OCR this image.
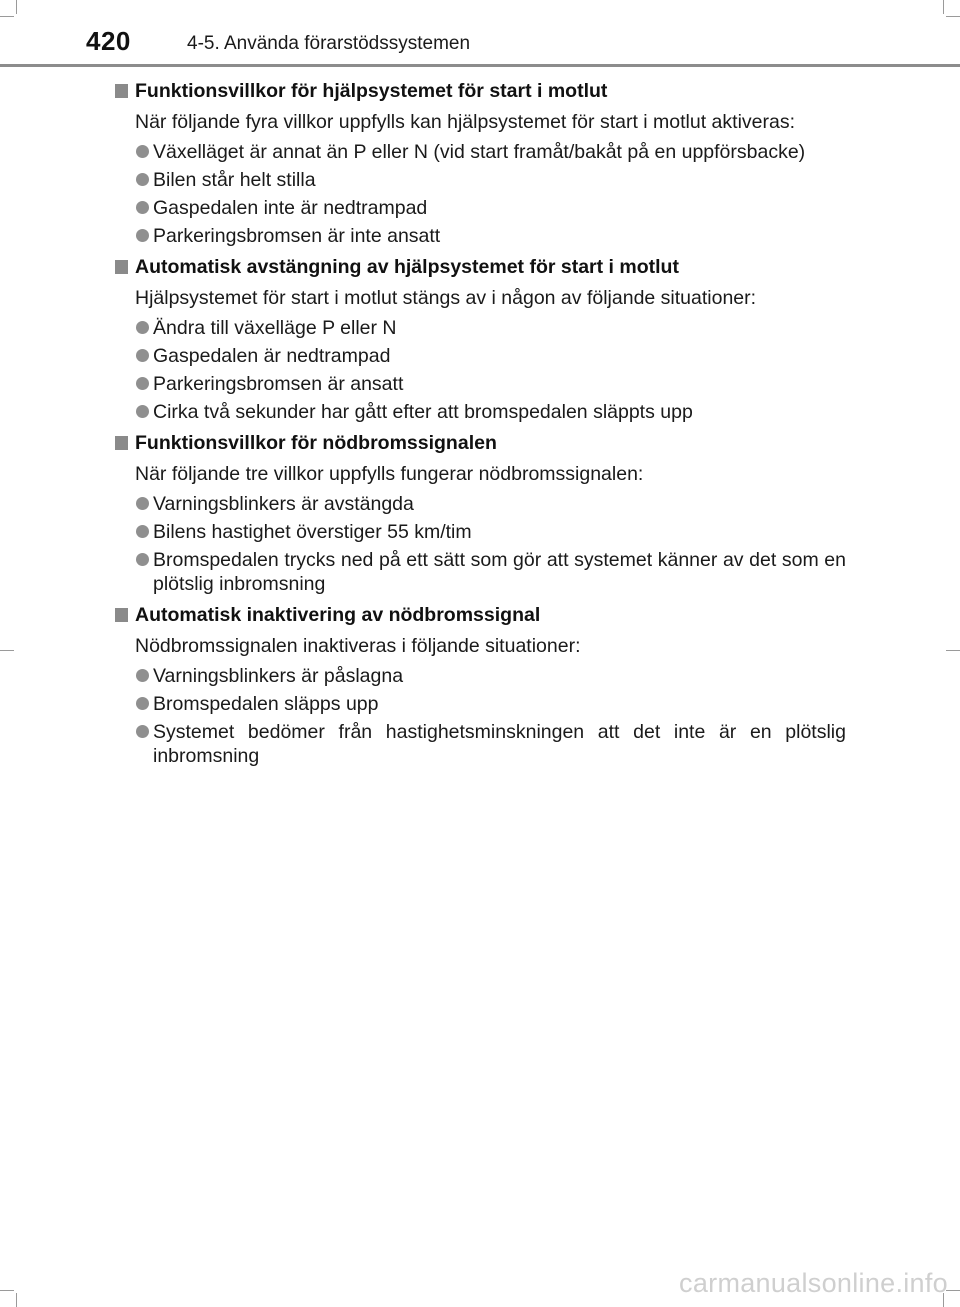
420	4-5. Använda förarstödssystemen
Funktionsvillkor för hjälpsystemet för start i motlut
När följande fyra villkor uppfylls kan hjälpsystemet för start i motlut aktiveras:
Växelläget är annat än P eller N (vid start framåt/bakåt på en uppförsbacke)
Bilen står helt stilla
Gaspedalen inte är nedtrampad
Parkeringsbromsen är inte ansatt
Automatisk avstängning av hjälpsystemet för start i motlut
Hjälpsystemet för start i motlut stängs av i någon av följande situationer:
Ändra till växelläge P eller N
Gaspedalen är nedtrampad
Parkeringsbromsen är ansatt
Cirka två sekunder har gått efter att bromspedalen släppts upp
Funktionsvillkor för nödbromssignalen
När följande tre villkor uppfylls fungerar nödbromssignalen:
Varningsblinkers är avstängda
Bilens hastighet överstiger 55 km/tim
Bromspedalen trycks ned på ett sätt som gör att systemet känner av det som en plötslig inbromsning
Automatisk inaktivering av nödbromssignal
Nödbromssignalen inaktiveras i följande situationer:
Varningsblinkers är påslagna
Bromspedalen släpps upp
Systemet bedömer från hastighetsminskningen att det inte är en plötslig inbromsning
carmanualsonline.info
